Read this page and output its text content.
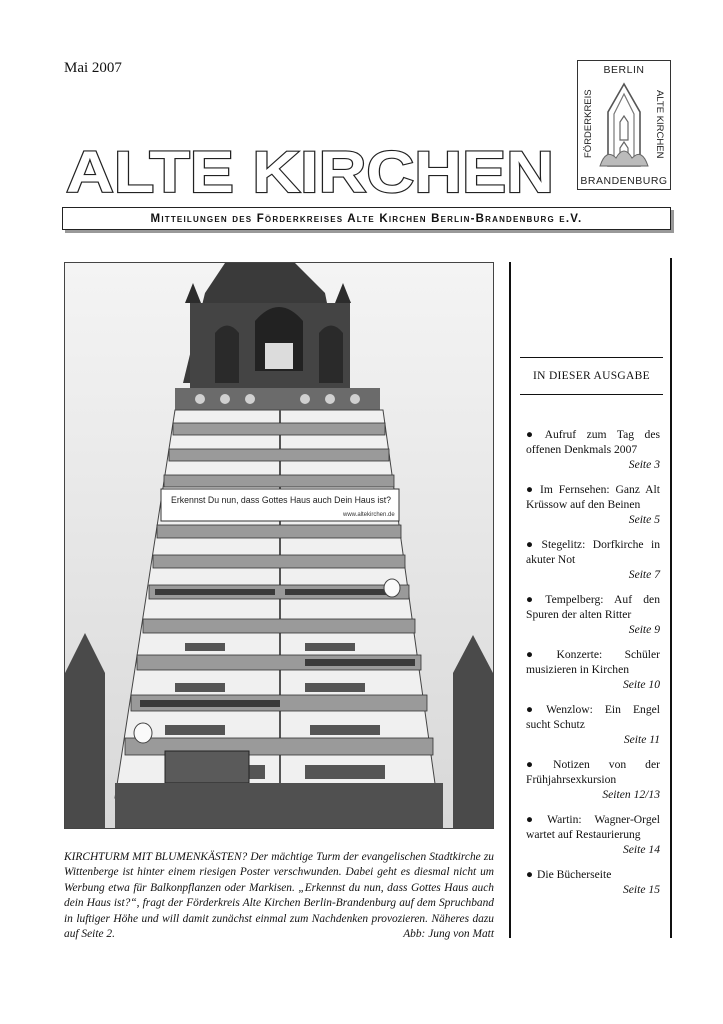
Mai 2007
ALTE KIRCHEN
BERLIN
FÖRDERKREIS	ALTE KIRCHEN
BRANDENBURG
Mitteilungen des Förderkreises Alte Kirchen Berlin-Brandenburg e.V.
Erkennst Du nun, dass Gottes Haus auch Dein Haus ist?
www.altekirchen.de
KIRCHTURM MIT BLUMENKÄSTEN? Der mächtige Turm der evangelischen Stadtkirche zu Wittenberge ist hinter einem riesigen Poster verschwunden. Dabei geht es diesmal nicht um Werbung etwa für Balkonpflanzen oder Markisen. „Erkennst du nun, dass Gottes Haus auch dein Haus ist?“, fragt der Förderkreis Alte Kirchen Berlin-Brandenburg auf dem Spruchband in luftiger Höhe und will damit zunächst einmal zum Nachdenken provozieren. Näheres dazu auf Seite 2.	Abb: Jung von Matt
IN DIESER AUSGABE
● Aufruf zum Tag des offenen Denkmals 2007
Seite 3
● Im Fernsehen: Ganz Alt Krüssow auf den Beinen
Seite 5
● Stegelitz: Dorfkirche in akuter Not
Seite 7
● Tempelberg: Auf den Spuren der alten Ritter
Seite 9
● Konzerte: Schüler musizieren in Kirchen
Seite 10
● Wenzlow: Ein Engel sucht Schutz
Seite 11
● Notizen von der Frühjahrsexkursion
Seiten 12/13
● Wartin: Wagner-Orgel wartet auf Restaurierung
Seite 14
● Die Bücherseite
Seite 15
